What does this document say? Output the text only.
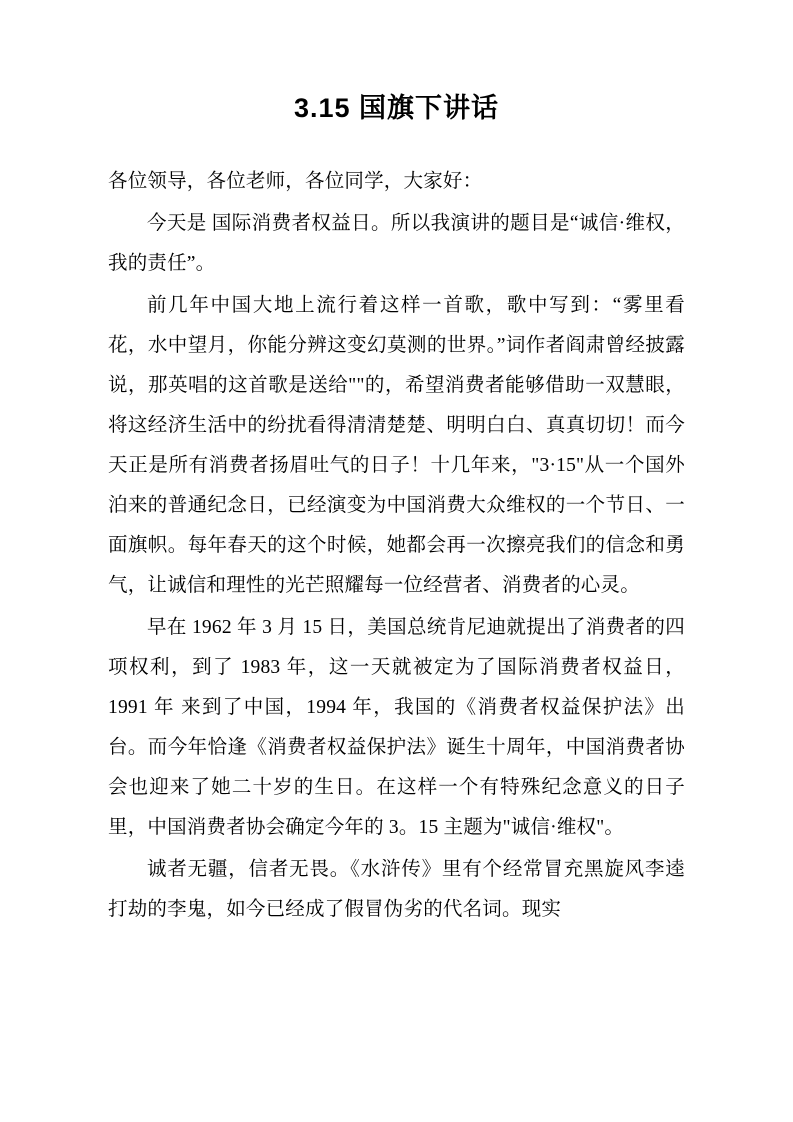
3.15 国旗下讲话

各位领导，各位老师，各位同学，大家好：

今天是 国际消费者权益日。所以我演讲的题目是“诚信·维权，我的责任”。

前几年中国大地上流行着这样一首歌，歌中写到：“雾里看花，水中望月，你能分辨这变幻莫测的世界。”词作者阎肃曾经披露说，那英唱的这首歌是送给""的，希望消费者能够借助一双慧眼，将这经济生活中的纷扰看得清清楚楚、明明白白、真真切切！而今天正是所有消费者扬眉吐气的日子！十几年来，"3·15"从一个国外泊来的普通纪念日，已经演变为中国消费大众维权的一个节日、一面旗帜。每年春天的这个时候，她都会再一次擦亮我们的信念和勇气，让诚信和理性的光芒照耀每一位经营者、消费者的心灵。

早在 1962 年 3 月 15 日，美国总统肯尼迪就提出了消费者的四项权利，到了 1983 年，这一天就被定为了国际消费者权益日，1991 年 来到了中国，1994 年，我国的《消费者权益保护法》出台。而今年恰逢《消费者权益保护法》诞生十周年，中国消费者协会也迎来了她二十岁的生日。在这样一个有特殊纪念意义的日子里，中国消费者协会确定今年的 3。15 主题为"诚信·维权"。

诚者无疆，信者无畏。《水浒传》里有个经常冒充黑旋风李逵打劫的李鬼，如今已经成了假冒伪劣的代名词。现实
